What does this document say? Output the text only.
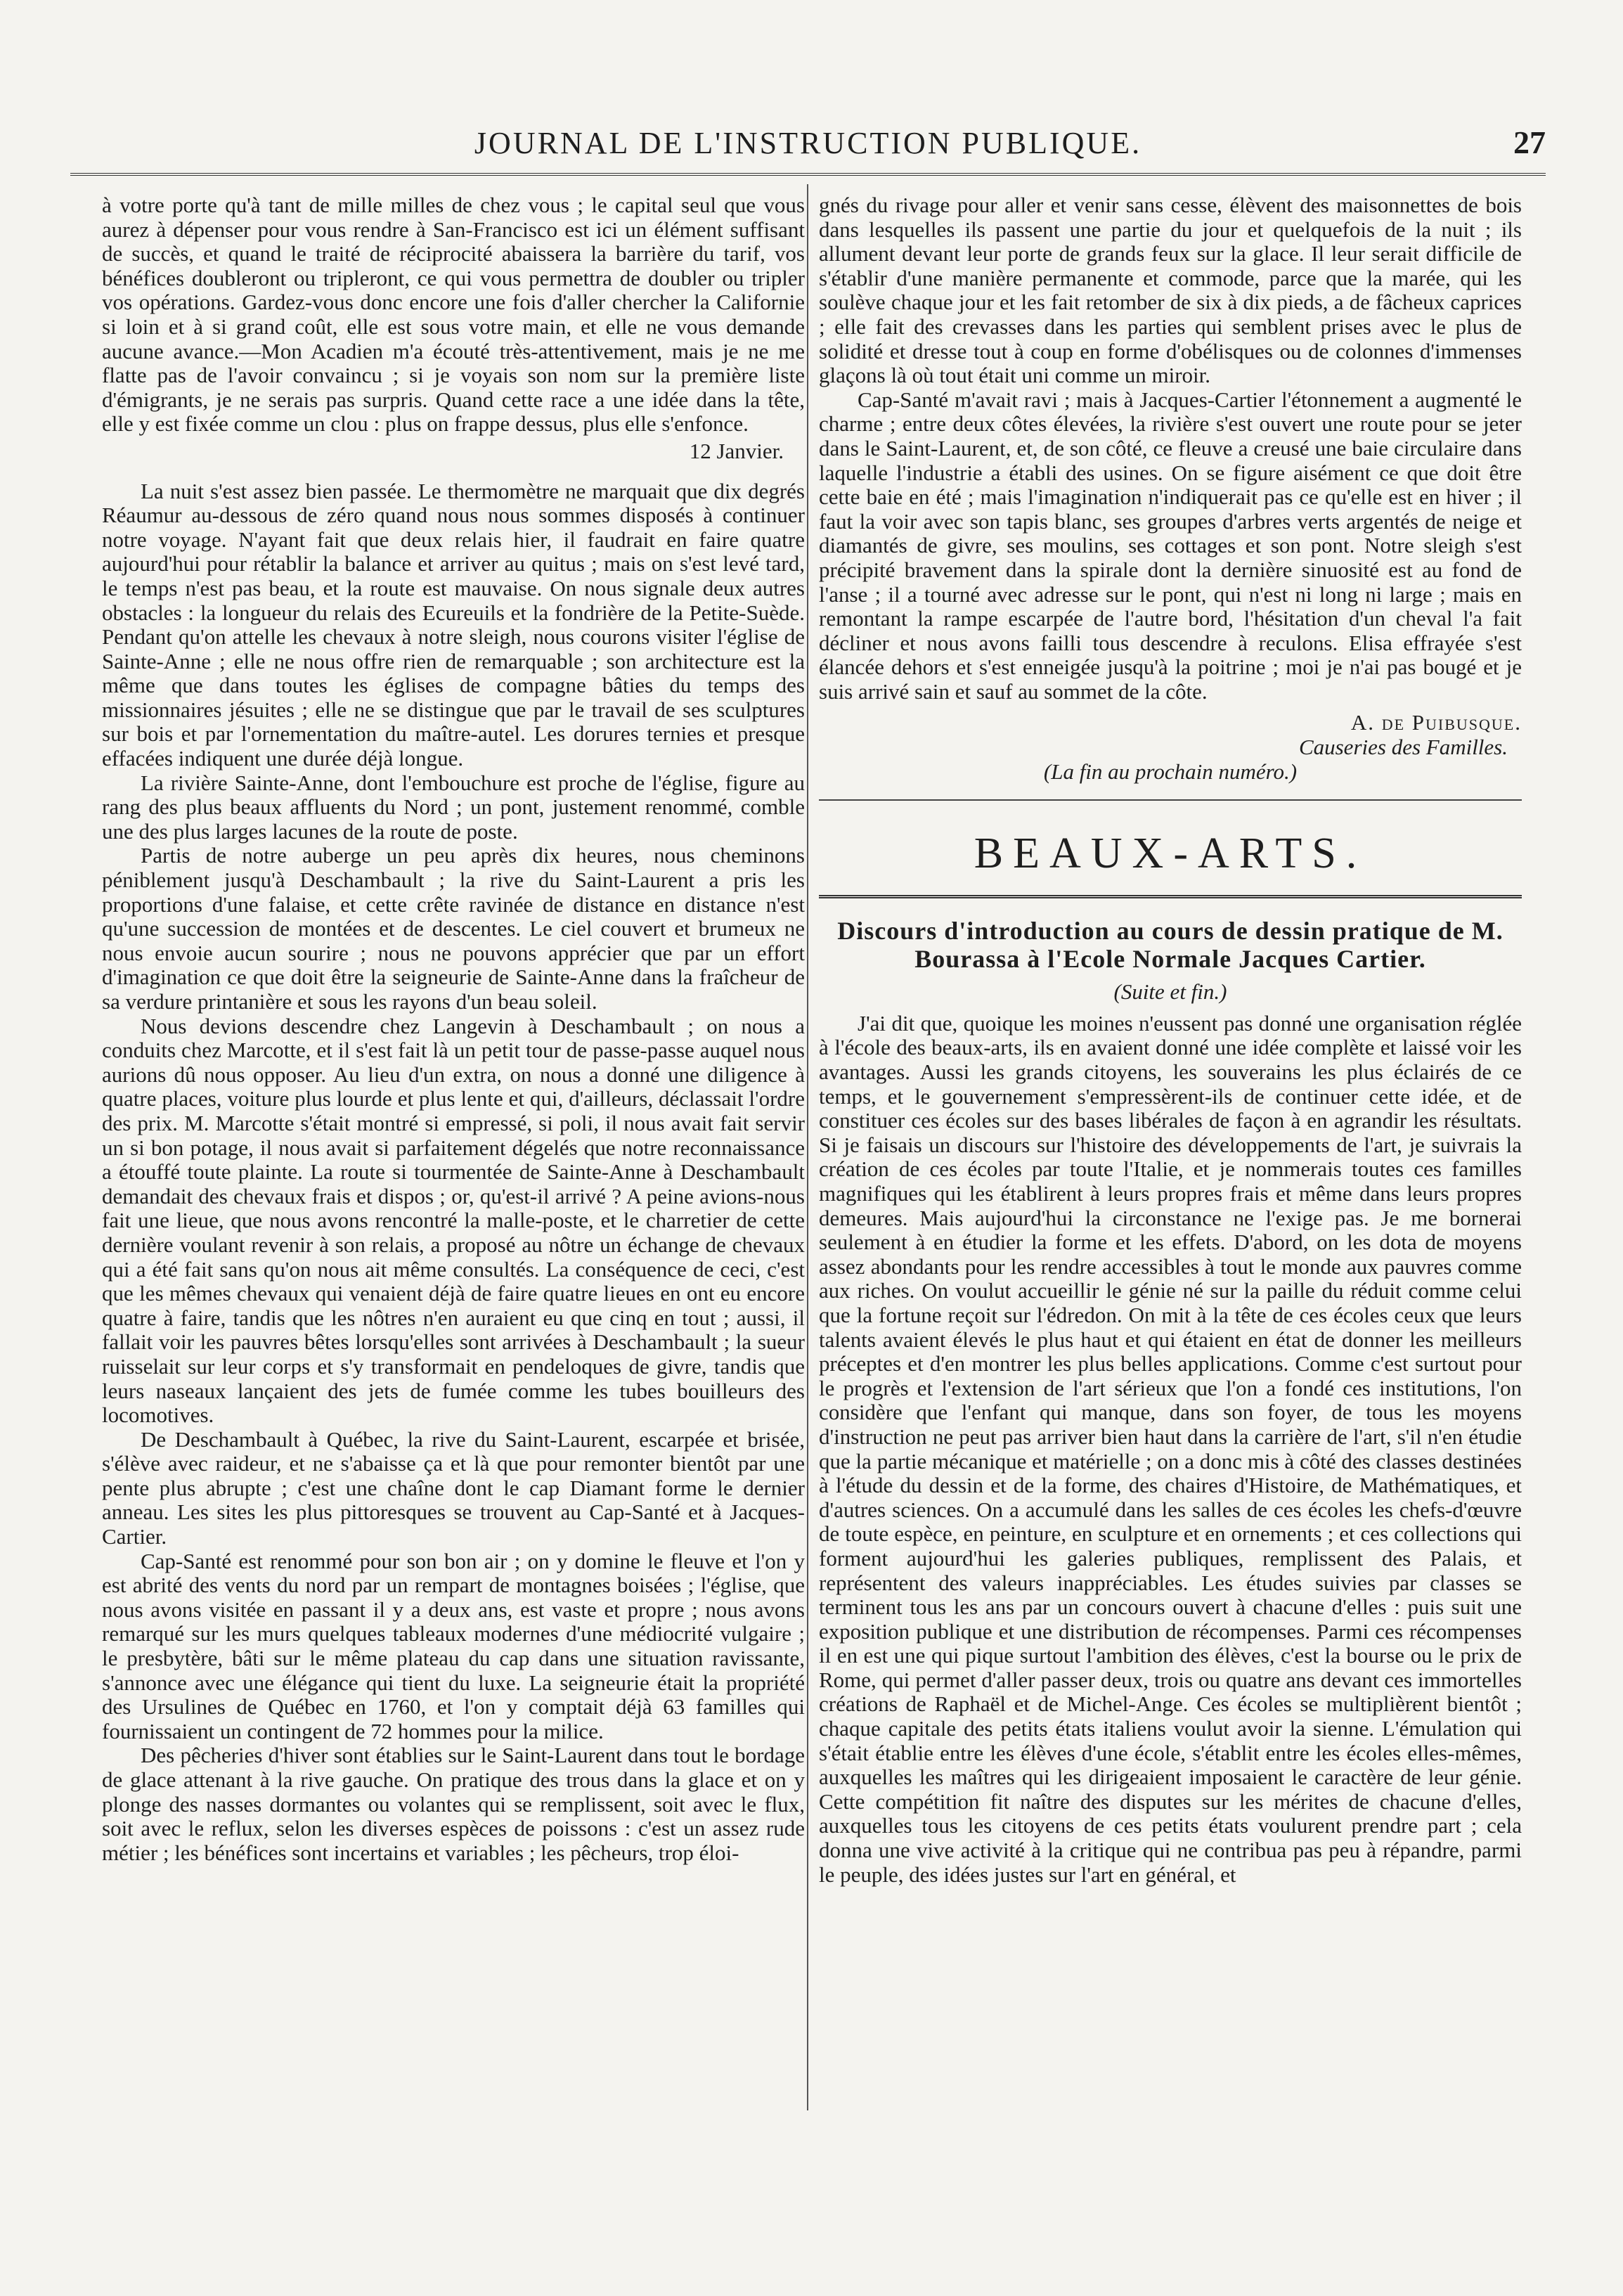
JOURNAL DE L'INSTRUCTION PUBLIQUE.	27

à votre porte qu'à tant de mille milles de chez vous ; le capital seul que vous aurez à dépenser pour vous rendre à San-Francisco est ici un élément suffisant de succès, et quand le traité de réciprocité abaissera la barrière du tarif, vos bénéfices doubleront ou tripleront, ce qui vous permettra de doubler ou tripler vos opérations. Gardez-vous donc encore une fois d'aller chercher la Californie si loin et à si grand coût, elle est sous votre main, et elle ne vous demande aucune avance.—Mon Acadien m'a écouté très-attentivement, mais je ne me flatte pas de l'avoir convaincu ; si je voyais son nom sur la première liste d'émigrants, je ne serais pas surpris. Quand cette race a une idée dans la tête, elle y est fixée comme un clou : plus on frappe dessus, plus elle s'enfonce.

12 Janvier.

La nuit s'est assez bien passée. Le thermomètre ne marquait que dix degrés Réaumur au-dessous de zéro quand nous nous sommes disposés à continuer notre voyage. N'ayant fait que deux relais hier, il faudrait en faire quatre aujourd'hui pour rétablir la balance et arriver au quitus ; mais on s'est levé tard, le temps n'est pas beau, et la route est mauvaise. On nous signale deux autres obstacles : la longueur du relais des Ecureuils et la fondrière de la Petite-Suède. Pendant qu'on attelle les chevaux à notre sleigh, nous courons visiter l'église de Sainte-Anne ; elle ne nous offre rien de remarquable ; son architecture est la même que dans toutes les églises de compagne bâties du temps des missionnaires jésuites ; elle ne se distingue que par le travail de ses sculptures sur bois et par l'ornementation du maître-autel. Les dorures ternies et presque effacées indiquent une durée déjà longue.

La rivière Sainte-Anne, dont l'embouchure est proche de l'église, figure au rang des plus beaux affluents du Nord ; un pont, justement renommé, comble une des plus larges lacunes de la route de poste.

Partis de notre auberge un peu après dix heures, nous cheminons péniblement jusqu'à Deschambault ; la rive du Saint-Laurent a pris les proportions d'une falaise, et cette crête ravinée de distance en distance n'est qu'une succession de montées et de descentes. Le ciel couvert et brumeux ne nous envoie aucun sourire ; nous ne pouvons apprécier que par un effort d'imagination ce que doit être la seigneurie de Sainte-Anne dans la fraîcheur de sa verdure printanière et sous les rayons d'un beau soleil.

Nous devions descendre chez Langevin à Deschambault ; on nous a conduits chez Marcotte, et il s'est fait là un petit tour de passe-passe auquel nous aurions dû nous opposer. Au lieu d'un extra, on nous a donné une diligence à quatre places, voiture plus lourde et plus lente et qui, d'ailleurs, déclassait l'ordre des prix. M. Marcotte s'était montré si empressé, si poli, il nous avait fait servir un si bon potage, il nous avait si parfaitement dégelés que notre reconnaissance a étouffé toute plainte. La route si tourmentée de Sainte-Anne à Deschambault demandait des chevaux frais et dispos ; or, qu'est-il arrivé ? A peine avions-nous fait une lieue, que nous avons rencontré la malle-poste, et le charretier de cette dernière voulant revenir à son relais, a proposé au nôtre un échange de chevaux qui a été fait sans qu'on nous ait même consultés. La conséquence de ceci, c'est que les mêmes chevaux qui venaient déjà de faire quatre lieues en ont eu encore quatre à faire, tandis que les nôtres n'en auraient eu que cinq en tout ; aussi, il fallait voir les pauvres bêtes lorsqu'elles sont arrivées à Deschambault ; la sueur ruisselait sur leur corps et s'y transformait en pendeloques de givre, tandis que leurs naseaux lançaient des jets de fumée comme les tubes bouilleurs des locomotives.

De Deschambault à Québec, la rive du Saint-Laurent, escarpée et brisée, s'élève avec raideur, et ne s'abaisse ça et là que pour remonter bientôt par une pente plus abrupte ; c'est une chaîne dont le cap Diamant forme le dernier anneau. Les sites les plus pittoresques se trouvent au Cap-Santé et à Jacques-Cartier.

Cap-Santé est renommé pour son bon air ; on y domine le fleuve et l'on y est abrité des vents du nord par un rempart de montagnes boisées ; l'église, que nous avons visitée en passant il y a deux ans, est vaste et propre ; nous avons remarqué sur les murs quelques tableaux modernes d'une médiocrité vulgaire ; le presbytère, bâti sur le même plateau du cap dans une situation ravissante, s'annonce avec une élégance qui tient du luxe. La seigneurie était la propriété des Ursulines de Québec en 1760, et l'on y comptait déjà 63 familles qui fournissaient un contingent de 72 hommes pour la milice.

Des pêcheries d'hiver sont établies sur le Saint-Laurent dans tout le bordage de glace attenant à la rive gauche. On pratique des trous dans la glace et on y plonge des nasses dormantes ou volantes qui se remplissent, soit avec le flux, soit avec le reflux, selon les diverses espèces de poissons : c'est un assez rude métier ; les bénéfices sont incertains et variables ; les pêcheurs, trop éloi-

gnés du rivage pour aller et venir sans cesse, élèvent des maisonnettes de bois dans lesquelles ils passent une partie du jour et quelquefois de la nuit ; ils allument devant leur porte de grands feux sur la glace. Il leur serait difficile de s'établir d'une manière permanente et commode, parce que la marée, qui les soulève chaque jour et les fait retomber de six à dix pieds, a de fâcheux caprices ; elle fait des crevasses dans les parties qui semblent prises avec le plus de solidité et dresse tout à coup en forme d'obélisques ou de colonnes d'immenses glaçons là où tout était uni comme un miroir.

Cap-Santé m'avait ravi ; mais à Jacques-Cartier l'étonnement a augmenté le charme ; entre deux côtes élevées, la rivière s'est ouvert une route pour se jeter dans le Saint-Laurent, et, de son côté, ce fleuve a creusé une baie circulaire dans laquelle l'industrie a établi des usines. On se figure aisément ce que doit être cette baie en été ; mais l'imagination n'indiquerait pas ce qu'elle est en hiver ; il faut la voir avec son tapis blanc, ses groupes d'arbres verts argentés de neige et diamantés de givre, ses moulins, ses cottages et son pont. Notre sleigh s'est précipité bravement dans la spirale dont la dernière sinuosité est au fond de l'anse ; il a tourné avec adresse sur le pont, qui n'est ni long ni large ; mais en remontant la rampe escarpée de l'autre bord, l'hésitation d'un cheval l'a fait décliner et nous avons failli tous descendre à reculons. Elisa effrayée s'est élancée dehors et s'est enneigée jusqu'à la poitrine ; moi je n'ai pas bougé et je suis arrivé sain et sauf au sommet de la côte.

A. de Puibusque.
Causeries des Familles.
(La fin au prochain numéro.)
BEAUX-ARTS.
Discours d'introduction au cours de dessin pratique de M. Bourassa à l'Ecole Normale Jacques Cartier.
(Suite et fin.)

J'ai dit que, quoique les moines n'eussent pas donné une organisation réglée à l'école des beaux-arts, ils en avaient donné une idée complète et laissé voir les avantages. Aussi les grands citoyens, les souverains les plus éclairés de ce temps, et le gouvernement s'empressèrent-ils de continuer cette idée, et de constituer ces écoles sur des bases libérales de façon à en agrandir les résultats. Si je faisais un discours sur l'histoire des développements de l'art, je suivrais la création de ces écoles par toute l'Italie, et je nommerais toutes ces familles magnifiques qui les établirent à leurs propres frais et même dans leurs propres demeures. Mais aujourd'hui la circonstance ne l'exige pas. Je me bornerai seulement à en étudier la forme et les effets. D'abord, on les dota de moyens assez abondants pour les rendre accessibles à tout le monde aux pauvres comme aux riches. On voulut accueillir le génie né sur la paille du réduit comme celui que la fortune reçoit sur l'édredon. On mit à la tête de ces écoles ceux que leurs talents avaient élevés le plus haut et qui étaient en état de donner les meilleurs préceptes et d'en montrer les plus belles applications. Comme c'est surtout pour le progrès et l'extension de l'art sérieux que l'on a fondé ces institutions, l'on considère que l'enfant qui manque, dans son foyer, de tous les moyens d'instruction ne peut pas arriver bien haut dans la carrière de l'art, s'il n'en étudie que la partie mécanique et matérielle ; on a donc mis à côté des classes destinées à l'étude du dessin et de la forme, des chaires d'Histoire, de Mathématiques, et d'autres sciences. On a accumulé dans les salles de ces écoles les chefs-d'œuvre de toute espèce, en peinture, en sculpture et en ornements ; et ces collections qui forment aujourd'hui les galeries publiques, remplissent des Palais, et représentent des valeurs inappréciables. Les études suivies par classes se terminent tous les ans par un concours ouvert à chacune d'elles : puis suit une exposition publique et une distribution de récompenses. Parmi ces récompenses il en est une qui pique surtout l'ambition des élèves, c'est la bourse ou le prix de Rome, qui permet d'aller passer deux, trois ou quatre ans devant ces immortelles créations de Raphaël et de Michel-Ange. Ces écoles se multiplièrent bientôt ; chaque capitale des petits états italiens voulut avoir la sienne. L'émulation qui s'était établie entre les élèves d'une école, s'établit entre les écoles elles-mêmes, auxquelles les maîtres qui les dirigeaient imposaient le caractère de leur génie. Cette compétition fit naître des disputes sur les mérites de chacune d'elles, auxquelles tous les citoyens de ces petits états voulurent prendre part ; cela donna une vive activité à la critique qui ne contribua pas peu à répandre, parmi le peuple, des idées justes sur l'art en général, et
